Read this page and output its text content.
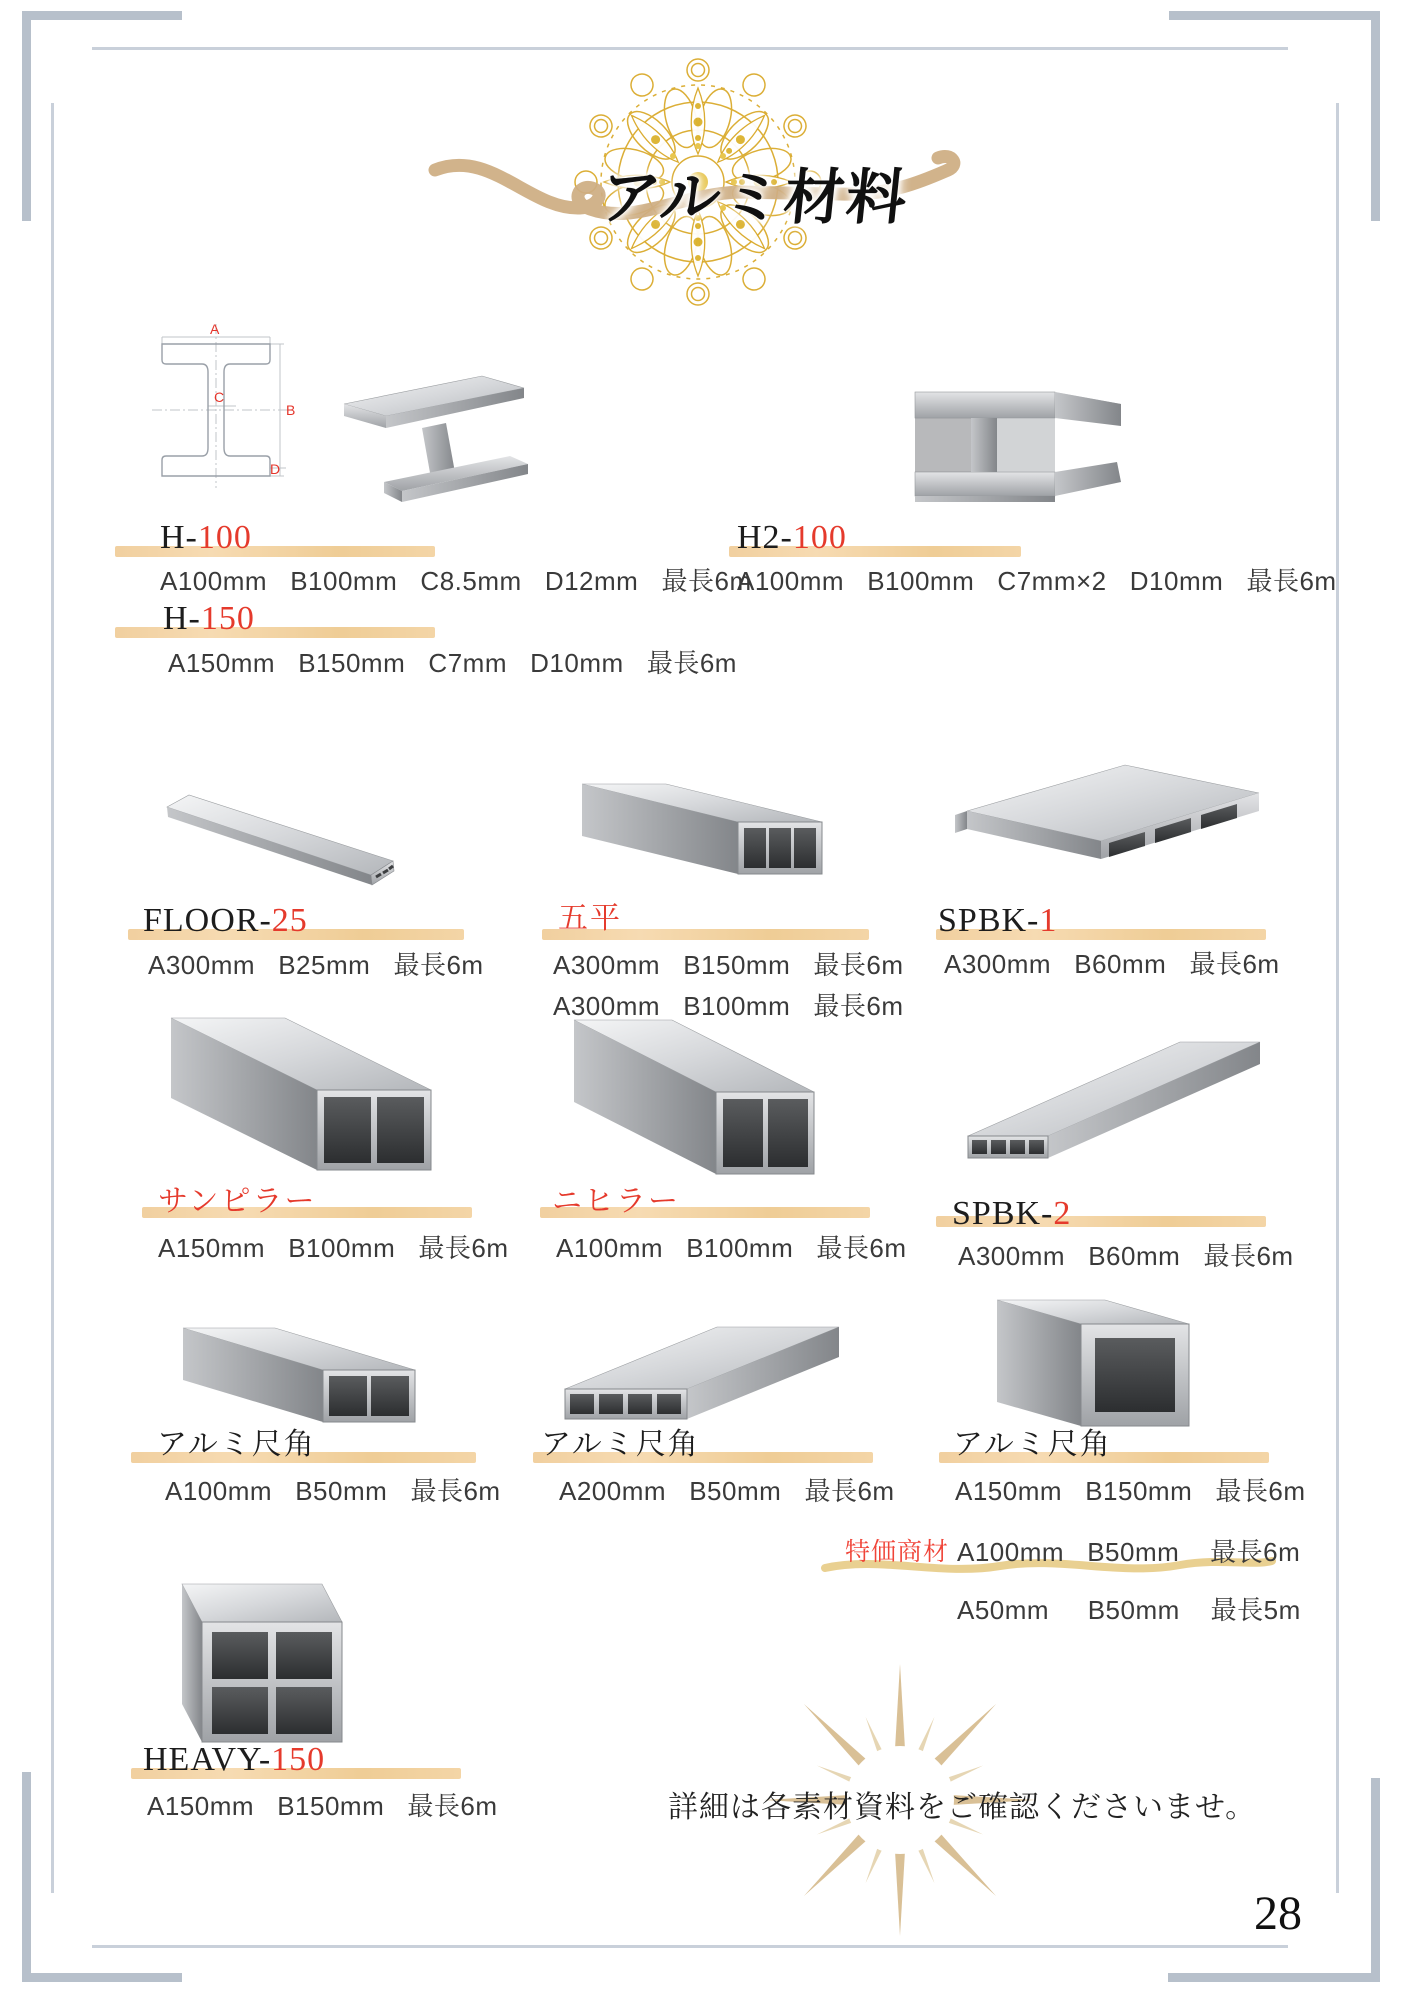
アルミ材料
A
B
C
D
H-100
A100mm   B100mm   C8.5mm   D12mm   最長6m
H-150
A150mm   B150mm   C7mm   D10mm   最長6m
H2-100
A100mm   B100mm   C7mm×2   D10mm   最長6m
FLOOR-25
A300mm   B25mm   最長6m
五平
A300mm   B150mm   最長6m
A300mm   B100mm   最長6m
SPBK-1
A300mm   B60mm   最長6m
サンピラー
A150mm   B100mm   最長6m
ニヒラー
A100mm   B100mm   最長6m
SPBK-2
A300mm   B60mm   最長6m
アルミ尺角
A100mm   B50mm   最長6m
アルミ尺角
A200mm   B50mm   最長6m
アルミ尺角
A150mm   B150mm   最長6m
特価商材 A100mm   B50mm    最長6m
A50mm     B50mm    最長5m
HEAVY-150
A150mm   B150mm   最長6m	詳細は各素材資料をご確認くださいませ。
28
